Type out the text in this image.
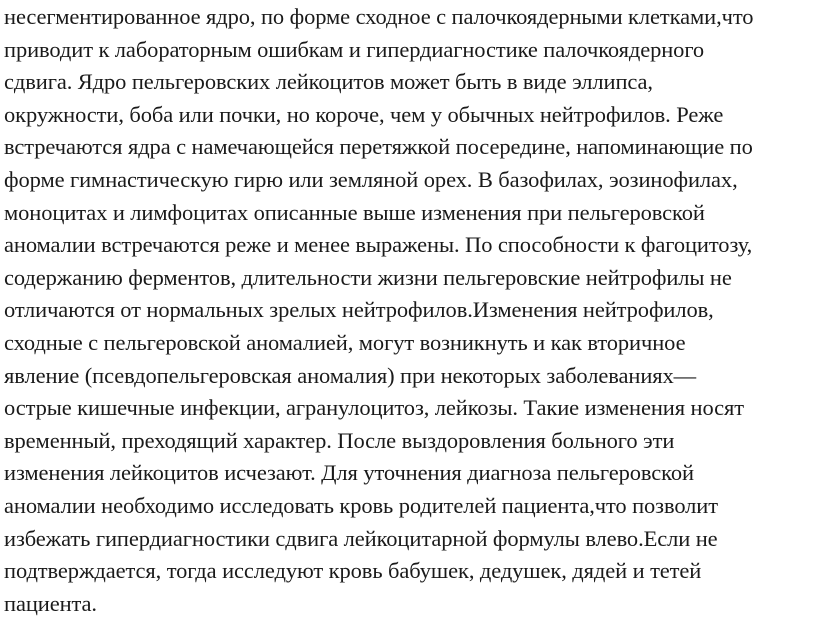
несегментированное ядро, по форме сходное с палочкоядерными клетками,что
приводит к лабораторным ошибкам и гипердиагностике палочкоядерного
сдвига. Ядро пельгеровских лейкоцитов может быть в виде эллипса,
окружности, боба или почки, но короче, чем у обычных нейтрофилов. Реже
встречаются ядра с намечающейся перетяжкой посередине, напоминающие по
форме гимнастическую гирю или земляной орех. В базофилах, эозинофилах,
моноцитах и лимфоцитах описанные выше изменения при пельгеровской
аномалии встречаются реже и менее выражены. По способности к фагоцитозу,
содержанию ферментов, длительности жизни пельгеровские нейтрофилы не
отличаются от нормальных зрелых нейтрофилов.Изменения нейтрофилов,
сходные с пельгеровской аномалией, могут возникнуть и как вторичное
явление (псевдопельгеровская аномалия) при некоторых заболеваниях—
острые кишечные инфекции, агранулоцитоз, лейкозы. Такие изменения носят
временный, преходящий характер. После выздоровления больного эти
изменения лейкоцитов исчезают. Для уточнения диагноза пельгеровской
аномалии необходимо исследовать кровь родителей пациента,что позволит
избежать гипердиагностики сдвига лейкоцитарной формулы влево.Если не
подтверждается, тогда исследуют кровь бабушек, дедушек, дядей и тетей
пациента.
